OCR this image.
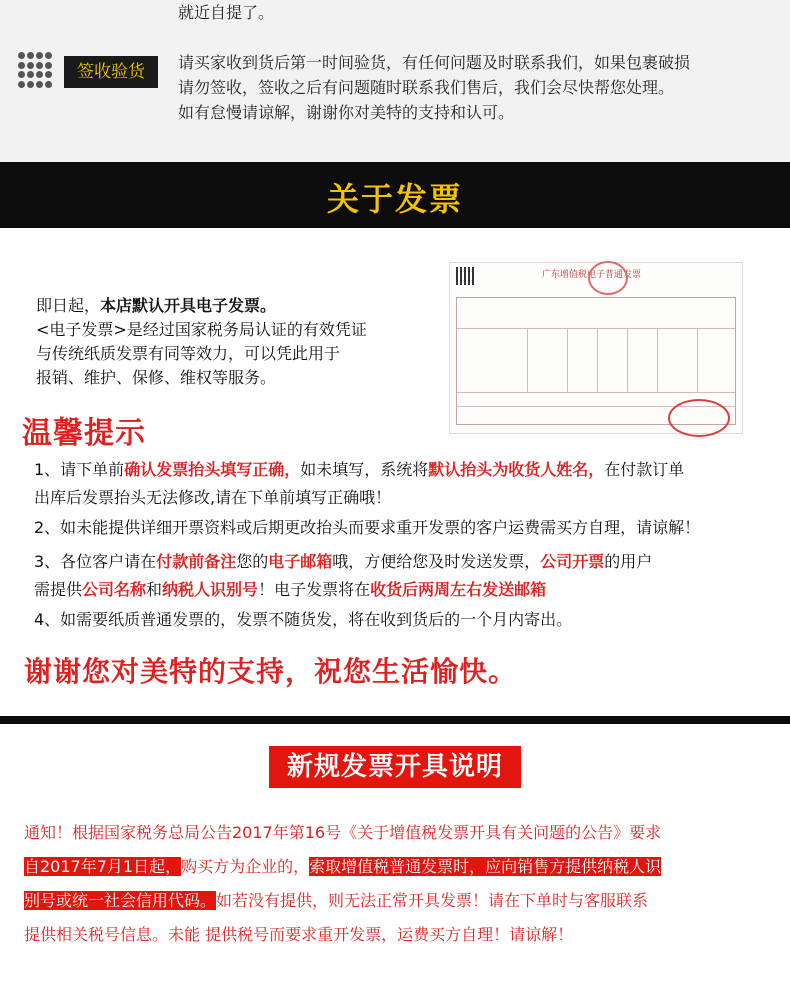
就近自提了。
签收验货	请买家收到货后第一时间验货，有任何问题及时联系我们，如果包裹破损
请勿签收，签收之后有问题随时联系我们售后，我们会尽快帮您处理。
如有怠慢请谅解，谢谢你对美特的支持和认可。
关于发票
即日起，本店默认开具电子发票。
<电子发票>是经过国家税务局认证的有效凭证
与传统纸质发票有同等效力，可以凭此用于
报销、维护、保修、维权等服务。
广东增值税电子普通发票
温馨提示

1、请下单前确认发票抬头填写正确，如未填写，系统将默认抬头为收货人姓名，在付款订单

出库后发票抬头无法修改,请在下单前填写正确哦！

2、如未能提供详细开票资料或后期更改抬头而要求重开发票的客户运费需买方自理，请谅解！

3、各位客户请在付款前备注您的电子邮箱哦，方便给您及时发送发票，公司开票的用户

需提供公司名称和纳税人识别号！电子发票将在收货后两周左右发送邮箱

4、如需要纸质普通发票的，发票不随货发，将在收到货后的一个月内寄出。

谢谢您对美特的支持，祝您生活愉快。
新规发票开具说明
通知！根据国家税务总局公告2017年第16号《关于增值税发票开具有关问题的公告》要求
自2017年7月1日起，购买方为企业的，索取增值税普通发票时，应向销售方提供纳税人识
别号或统一社会信用代码。如若没有提供，则无法正常开具发票！请在下单时与客服联系
提供相关税号信息。未能 提供税号而要求重开发票，运费买方自理！请谅解！
